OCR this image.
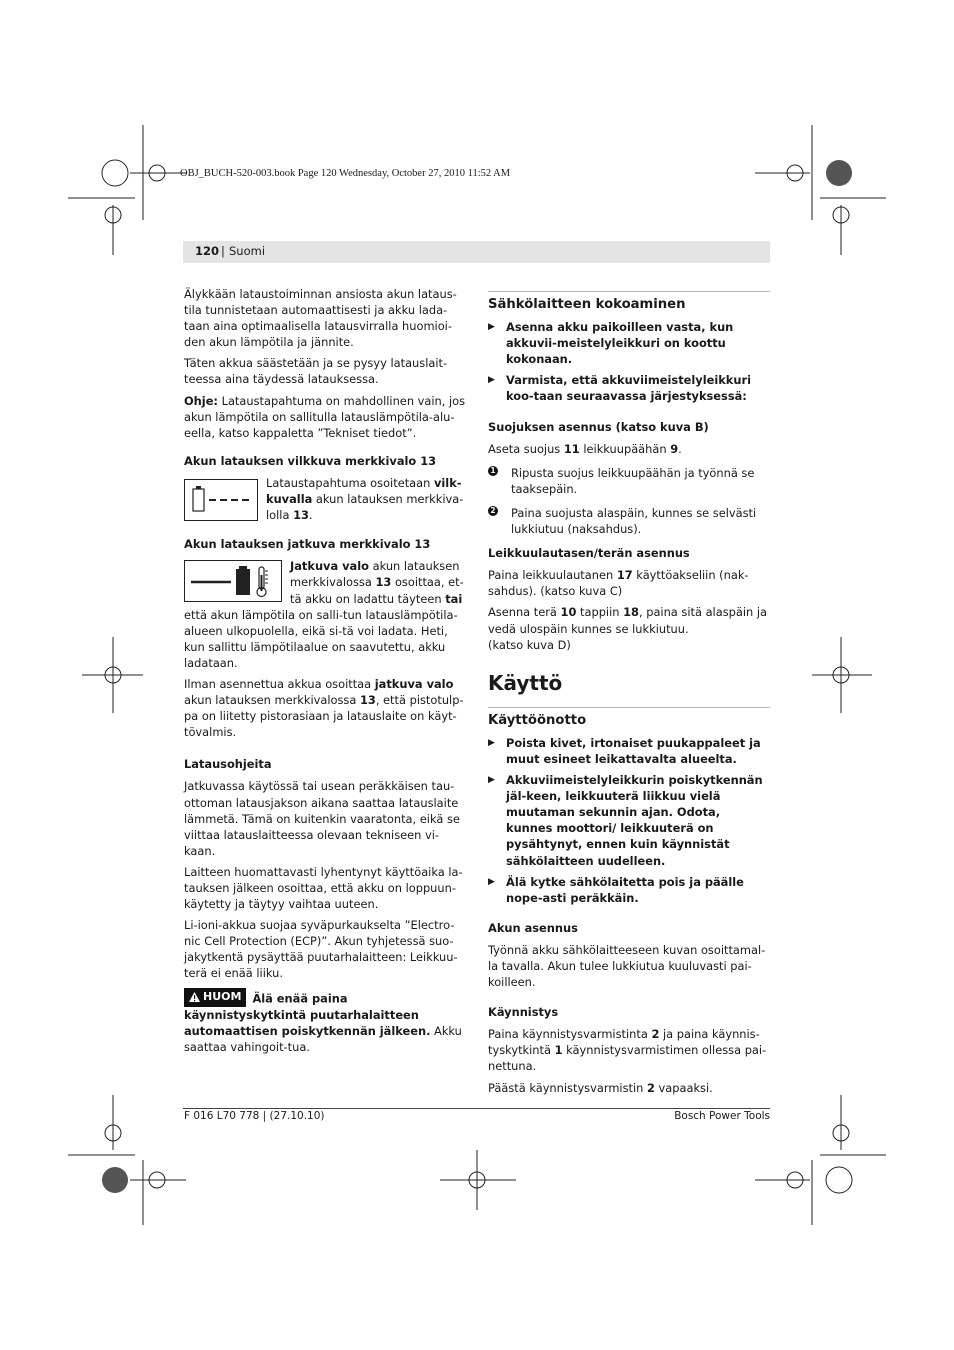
OBJ_BUCH-520-003.book Page 120 Wednesday, October 27, 2010 11:52 AM
120 | Suomi

Älykkään lataustoiminnan ansiosta akun lataus-tila tunnistetaan automaattisesti ja akku lada-taan aina optimaalisella latausvirralla huomioi-den akun lämpötila ja jännite.

Täten akkua säästetään ja se pysyy latauslait-teessa aina täydessä latauksessa.

Ohje: Lataustapahtuma on mahdollinen vain, jos akun lämpötila on sallitulla latauslämpötila-alu-eella, katso kappaletta ”Tekniset tiedot”.

Akun latauksen vilkkuva merkkivalo 13

Lataustapahtuma osoitetaan vilk-kuvalla akun latauksen merkkiva-lolla 13.

Akun latauksen jatkuva merkkivalo 13

Jatkuva valo akun latauksen merkkivalossa 13 osoittaa, et-tä akku on ladattu täyteen tai että akun lämpötila on salli-tun latauslämpötila-alueen ulkopuolella, eikä si-tä voi ladata. Heti, kun sallittu lämpötilaalue on saavutettu, akku ladataan.

Ilman asennettua akkua osoittaa jatkuva valo akun latauksen merkkivalossa 13, että pistotulp-pa on liitetty pistorasiaan ja latauslaite on käyt-tövalmis.

Latausohjeita

Jatkuvassa käytössä tai usean peräkkäisen tau-ottoman latausjakson aikana saattaa latauslaite lämmetä. Tämä on kuitenkin vaaratonta, eikä se viittaa latauslaitteessa olevaan tekniseen vi-kaan.

Laitteen huomattavasti lyhentynyt käyttöaika la-tauksen jälkeen osoittaa, että akku on loppuun-käytetty ja täytyy vaihtaa uuteen.

Li-ioni-akkua suojaa syväpurkaukselta ”Electro-nic Cell Protection (ECP)”. Akun tyhjetessä suo-jakytkentä pysäyttää puutarhalaitteen: Leikkuu-terä ei enää liiku.

HUOM Älä enää paina käynnistyskytkintä puutarhalaitteen automaattisen poiskytkennän jälkeen. Akku saattaa vahingoit-tua.

Sähkölaitteen kokoaminen
▶ Asenna akku paikoilleen vasta, kun akkuvii-meistelyleikkuri on koottu kokonaan.
▶ Varmista, että akkuviimeistelyleikkuri koo-taan seuraavassa järjestyksessä:
Suojuksen asennus (katso kuva B)

Aseta suojus 11 leikkuupäähän 9.

1 Ripusta suojus leikkuupäähän ja työnnä se taaksepäin.
2 Paina suojusta alaspäin, kunnes se selvästi lukkiutuu (naksahdus).
Leikkuulautasen/terän asennus

Paina leikkuulautanen 17 käyttöakseliin (nak-sahdus). (katso kuva C)

Asenna terä 10 tappiin 18, paina sitä alaspäin ja vedä ulospäin kunnes se lukkiutuu.

(katso kuva D)

Käyttö
Käyttöönotto
▶ Poista kivet, irtonaiset puukappaleet ja muut esineet leikattavalta alueelta.
▶ Akkuviimeistelyleikkurin poiskytkennän jäl-keen, leikkuuterä liikkuu vielä muutaman sekunnin ajan. Odota, kunnes moottori/ leikkuuterä on pysähtynyt, ennen kuin käynnistät sähkölaitteen uudelleen.
▶ Älä kytke sähkölaitetta pois ja päälle nope-asti peräkkäin.
Akun asennus

Työnnä akku sähkölaitteeseen kuvan osoittamal-la tavalla. Akun tulee lukkiutua kuuluvasti pai-koilleen.

Käynnistys

Paina käynnistysvarmistinta 2 ja paina käynnis-tyskytkintä 1 käynnistysvarmistimen ollessa pai-nettuna.

Päästä käynnistysvarmistin 2 vapaaksi.

F 016 L70 778 | (27.10.10)	Bosch Power Tools
